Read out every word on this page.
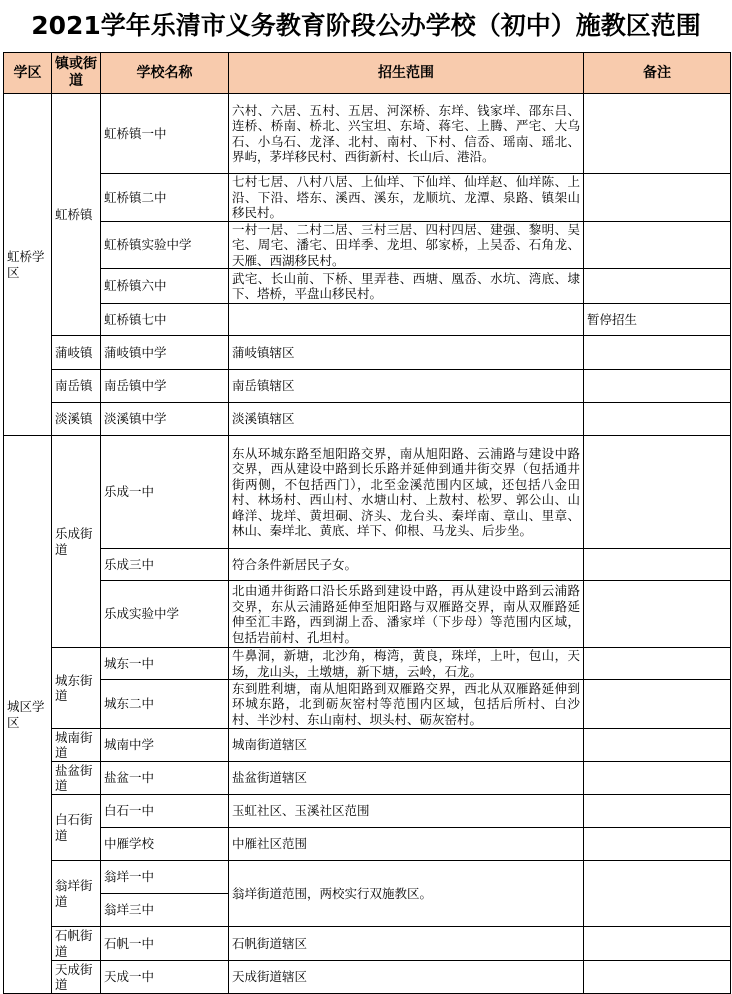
2021学年乐清市义务教育阶段公办学校（初中）施教区范围
学区	镇或街道	学校名称	招生范围	备注
虹桥学区	虹桥镇	虹桥镇一中	六村、六居、五村、五居、河深桥、东垟、钱家垟、邵东吕、连桥、桥南、桥北、兴宝坦、东埼、蒋宅、上腾、严宅、大乌石、小乌石、龙泽、北村、南村、下村、信岙、瑶南、瑶北、界屿，茅垟移民村、西街新村、长山后、港沿。	
		虹桥镇二中	七村七居、八村八居、上仙垟、下仙垟、仙垟赵、仙垟陈、上沿、下沿、塔东、溪西、溪东，龙顺坑、龙潭、泉路、镇架山移民村。	
		虹桥镇实验中学	一村一居、二村二居、三村三居、四村四居、建强、黎明、吴宅、周宅、潘宅、田垟季、龙坦、邬家桥，上吴岙、石角龙、天雁、西湖移民村。	
		虹桥镇六中	武宅、长山前、下桥、里弄巷、西塘、凰岙、水坑、湾底、埭下、塔桥，平盘山移民村。	
		虹桥镇七中		暂停招生
	蒲岐镇	蒲岐镇中学	蒲岐镇辖区	
	南岳镇	南岳镇中学	南岳镇辖区	
	淡溪镇	淡溪镇中学	淡溪镇辖区	
城区学区	乐成街道	乐成一中	东从环城东路至旭阳路交界，南从旭阳路、云浦路与建设中路交界，西从建设中路到长乐路并延伸到通井街交界（包括通井街两侧，不包括西门），北至金溪范围内区域，还包括八金田村、林场村、西山村、水塘山村、上敖村、松罗、郭公山、山峰洋、垅垟、黄坦硐、济头、龙台头、秦垟南、章山、里章、林山、秦垟北、黄底、垟下、仰根、马龙头、后步坐。	
		乐成三中	符合条件新居民子女。	
		乐成实验中学	北由通井街路口沿长乐路到建设中路，再从建设中路到云浦路交界，东从云浦路延伸至旭阳路与双雁路交界，南从双雁路延伸至汇丰路，西到湖上岙、潘家垟（下步母）等范围内区域，包括岩前村、孔坦村。	
	城东街道	城东一中	牛鼻洞，新塘，北沙角，梅湾，黄良，珠垟，上叶，包山，天场，龙山头，土墩塘，新下塘，云岭，石龙。	
		城东二中	东到胜利塘，南从旭阳路到双雁路交界，西北从双雁路延伸到环城东路，北到砺灰窑村等范围内区域，包括后所村、白沙村、半沙村、东山南村、坝头村、砺灰窑村。	
	城南街道	城南中学	城南街道辖区	
	盐盆街道	盐盆一中	盐盆街道辖区	
	白石街道	白石一中	玉虹社区、玉溪社区范围	
		中雁学校	中雁社区范围	
	翁垟街道	翁垟一中	翁垟街道范围，两校实行双施教区。	
		翁垟三中		
	石帆街道	石帆一中	石帆街道辖区	
	天成街道	天成一中	天成街道辖区	
